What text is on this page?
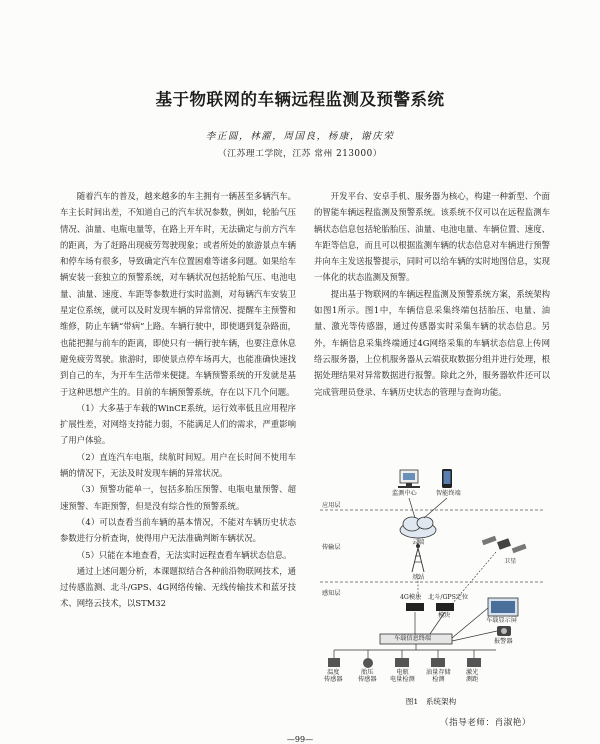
基于物联网的车辆远程监测及预警系统
李正圆，林濯，周国良，杨康，谢庆荣
（江苏理工学院，江苏 常州 213000）

随着汽车的普及，越来越多的车主拥有一辆甚至多辆汽车。车主长时间出差，不知道自己的汽车状况参数，例如，轮胎气压情况、油量、电瓶电量等，在路上开车时，无法确定与前方汽车的距离，为了赶路出现疲劳驾驶现象；或者所处的旅游景点车辆和停车场有很多，导致确定汽车位置困难等诸多问题。如果给车辆安装一套独立的预警系统，对车辆状况包括轮胎气压、电池电量、油量、速度、车距等参数进行实时监测，对每辆汽车安装卫星定位系统，就可以及时发现车辆的异常情况、提醒车主预警和维修，防止车辆“带病”上路。车辆行驶中，即使遇到复杂路面，也能把握与前车的距离，即使只有一辆行驶车辆，也要注意休息避免疲劳驾驶。旅游时，即使景点停车场再大，也能准确快速找到自己的车，为开车生活带来便捷。车辆预警系统的开发就是基于这种思想产生的。目前的车辆预警系统，存在以下几个问题。

（1）大多基于车载的WinCE系统，运行效率低且应用程序扩展性差，对网络支持能力弱，不能满足人们的需求，严重影响了用户体验。

（2）直连汽车电瓶，续航时间短。用户在长时间不使用车辆的情况下，无法及时发现车辆的异常状况。

（3）预警功能单一，包括多胎压预警、电瓶电量预警、超速预警、车距预警，但是没有综合性的预警系统。

（4）可以查看当前车辆的基本情况，不能对车辆历史状态参数进行分析查询，使得用户无法准确判断车辆状况。

（5）只能在本地查看，无法实时远程查看车辆状态信息。

通过上述问题分析，本课题拟结合各种前沿物联网技术，通过传感监测、北斗/GPS、4G网络传输、无线传输技术和蓝牙技术、网络云技术，以STM32

开发平台、安卓手机、服务器为核心，构建一种新型、个面的智能车辆远程监测及预警系统。该系统不仅可以在远程监测车辆状态信息包括轮胎胎压、油量、电池电量、车辆位置、速度、车距等信息，而且可以根据监测车辆的状态信息对车辆进行预警并向车主发送报警提示，同时可以给车辆的实时地图信息，实现一体化的状态监测及预警。

提出基于物联网的车辆远程监测及预警系统方案，系统架构如图1所示。图1中，车辆信息采集终端包括胎压、电量、油量、激光等传感器，通过传感器实时采集车辆的状态信息。另外，车辆信息采集终端通过4G网络采集的车辆状态信息上传网络云服务器，上位机服务器从云端获取数据分组并进行处理，根据处理结果对异常数据进行报警。除此之外，服务器软件还可以完成管理员登录、车辆历史状态的管理与查询功能。

监测中心	智能终端
应用层
云端
传输层
基站
卫星
感知层
4G模块 北斗/GPS定位
模块
车载显示屏
报警器
车载信息终端
温度
传感器
胎压
传感器
电瓶
电量检测
油量存储
检测
激光
测距
图1　系统架构
（指导老师：肖淑艳）
—99—
